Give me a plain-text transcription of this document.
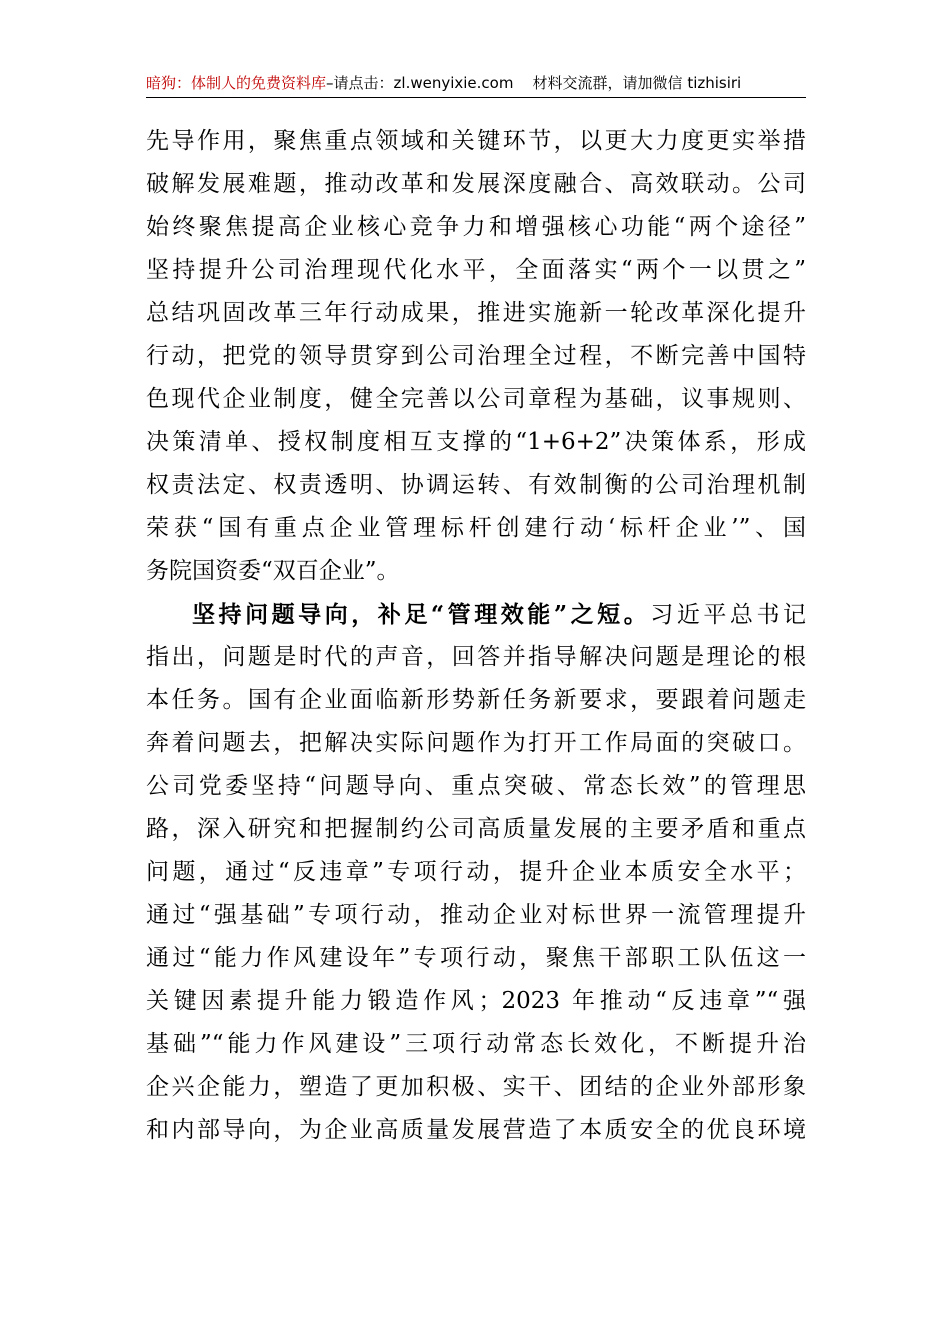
暗狗：体制人的免费资料库–请点击：zl.wenyixie.com 材料交流群，请加微信 tizhisiri
先导作用，聚焦重点领域和关键环节，以更大力度更实举措
破解发展难题，推动改革和发展深度融合、高效联动。公司
始终聚焦提高企业核心竞争力和增强核心功能“两个途径”
坚持提升公司治理现代化水平，全面落实“两个一以贯之”
总结巩固改革三年行动成果，推进实施新一轮改革深化提升
行动，把党的领导贯穿到公司治理全过程，不断完善中国特
色现代企业制度，健全完善以公司章程为基础，议事规则、
决策清单、授权制度相互支撑的“1+6+2”决策体系，形成
权责法定、权责透明、协调运转、有效制衡的公司治理机制
荣获“国有重点企业管理标杆创建行动‘标杆企业’”、国
务院国资委“双百企业”。
坚持问题导向，补足“管理效能”之短。习近平总书记
指出，问题是时代的声音，回答并指导解决问题是理论的根
本任务。国有企业面临新形势新任务新要求，要跟着问题走
奔着问题去，把解决实际问题作为打开工作局面的突破口。
公司党委坚持“问题导向、重点突破、常态长效”的管理思
路，深入研究和把握制约公司高质量发展的主要矛盾和重点
问题，通过“反违章”专项行动，提升企业本质安全水平；
通过“强基础”专项行动，推动企业对标世界一流管理提升
通过“能力作风建设年”专项行动，聚焦干部职工队伍这一
关键因素提升能力锻造作风；2023 年推动“反违章”“强
基础”“能力作风建设”三项行动常态长效化，不断提升治
企兴企能力，塑造了更加积极、实干、团结的企业外部形象
和内部导向，为企业高质量发展营造了本质安全的优良环境
